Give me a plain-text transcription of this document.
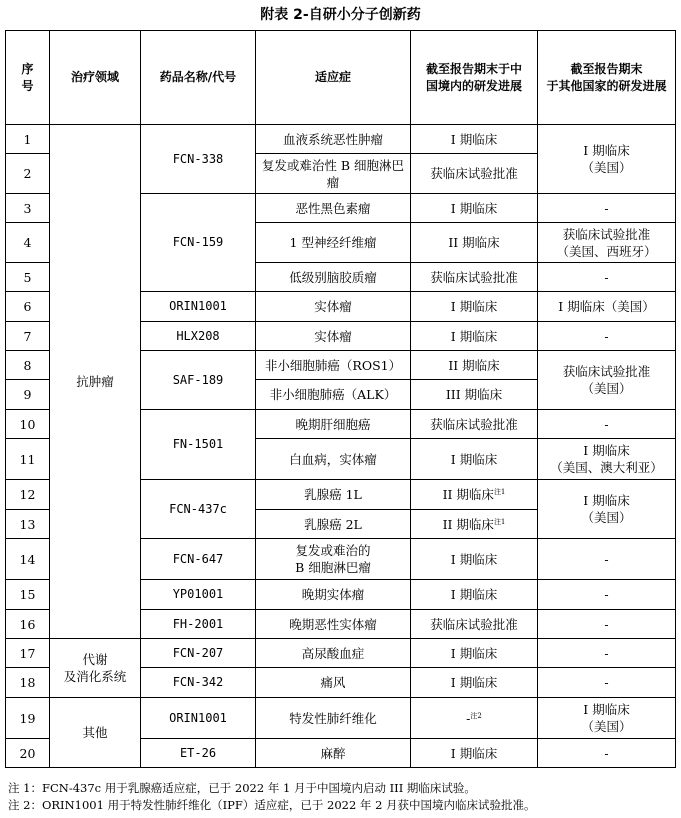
附表 2-自研小分子创新药
序
号	治疗领域	药品名称/代号	适应症	截至报告期末于中
国境内的研发进展	截至报告期末
于其他国家的研发进展
1	抗肿瘤	FCN-338	血液系统恶性肿瘤	I 期临床	I 期临床
（美国）
2			复发或难治性 B 细胞淋巴
瘤	获临床试验批准	
3		FCN-159	恶性黑色素瘤	I 期临床	-
4			1 型神经纤维瘤	II 期临床	获临床试验批准
（美国、西班牙）
5			低级别脑胶质瘤	获临床试验批准	-
6		ORIN1001	实体瘤	I 期临床	I 期临床（美国）
7		HLX208	实体瘤	I 期临床	-
8		SAF-189	非小细胞肺癌（ROS1）	II 期临床	获临床试验批准
（美国）
9			非小细胞肺癌（ALK）	III 期临床	
10		FN-1501	晚期肝细胞癌	获临床试验批准	-
11			白血病，实体瘤	I 期临床	I 期临床
（美国、澳大利亚）
12		FCN-437c	乳腺癌 1L	II 期临床$^{注1}$	I 期临床
（美国）
13			乳腺癌 2L	II 期临床$^{注1}$
14		FCN-647	复发或难治的
B 细胞淋巴瘤	I 期临床	-
15		YP01001	晚期实体瘤	I 期临床	-
16		FH-2001	晚期恶性实体瘤	获临床试验批准	-
17	代谢
及消化系统	FCN-207	高尿酸血症	I 期临床	-
18		FCN-342	痛风	I 期临床	-
19	其他	ORIN1001	特发性肺纤维化	-$^{注2}$	I 期临床
（美国）
20		ET-26	麻醉	I 期临床	-
注 1：FCN-437c 用于乳腺癌适应症，已于 2022 年 1 月于中国境内启动 III 期临床试验。
注 2：ORIN1001 用于特发性肺纤维化（IPF）适应症，已于 2022 年 2 月获中国境内临床试验批准。
